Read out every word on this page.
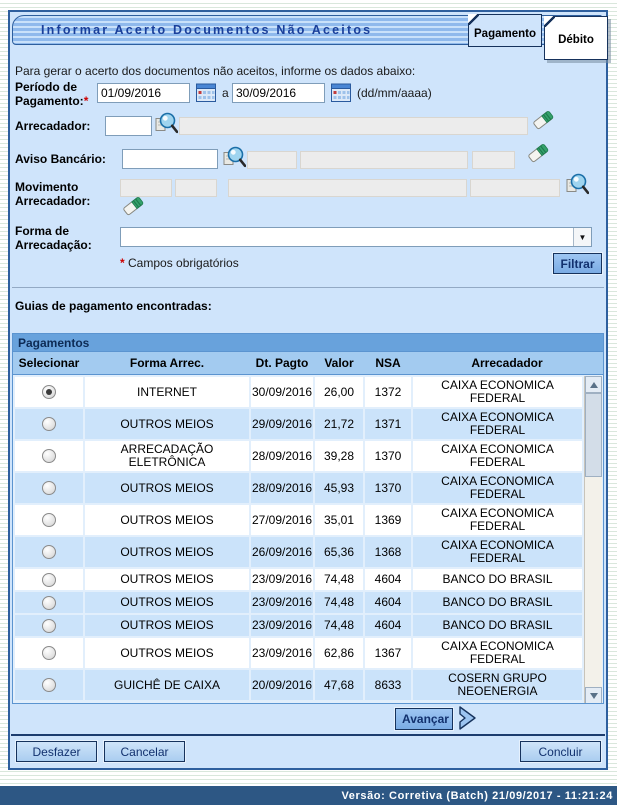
Informar Acerto Documentos Não Aceitos	Pagamento	Débito
Para gerar o acerto dos documentos não aceitos, informe os dados abaixo:
Período de Pagamento:*
01/09/2016
a
30/09/2016	(dd/mm/aaaa)
Arrecadador:
Aviso Bancário:
Movimento Arrecadador:
Forma de Arrecadação:
▼
* Campos obrigatórios	Filtrar
Guias de pagamento encontradas:
Pagamentos
Selecionar	Forma Arrec.	Dt. Pagto	Valor	NSA	Arrecadador
INTERNET	30/09/2016 26,00	1372	CAIXA ECONOMICA FEDERAL
OUTROS MEIOS	29/09/2016 21,72	1371	CAIXA ECONOMICA FEDERAL
ARRECADAÇÃO ELETRÔNICA	28/09/2016 39,28	1370	CAIXA ECONOMICA FEDERAL
OUTROS MEIOS	28/09/2016 45,93	1370	CAIXA ECONOMICA FEDERAL
OUTROS MEIOS	27/09/2016 35,01	1369	CAIXA ECONOMICA FEDERAL
OUTROS MEIOS	26/09/2016 65,36	1368	CAIXA ECONOMICA FEDERAL
OUTROS MEIOS	23/09/2016 74,48	4604	BANCO DO BRASIL
OUTROS MEIOS	23/09/2016 74,48	4604	BANCO DO BRASIL
OUTROS MEIOS	23/09/2016 74,48	4604	BANCO DO BRASIL
OUTROS MEIOS	23/09/2016 62,86	1367	CAIXA ECONOMICA FEDERAL
GUICHÊ DE CAIXA	20/09/2016 47,68	8633	COSERN GRUPO NEOENERGIA
Avançar
Desfazer	Cancelar	Concluir
Versão: Corretiva (Batch) 21/09/2017 - 11:21:24
